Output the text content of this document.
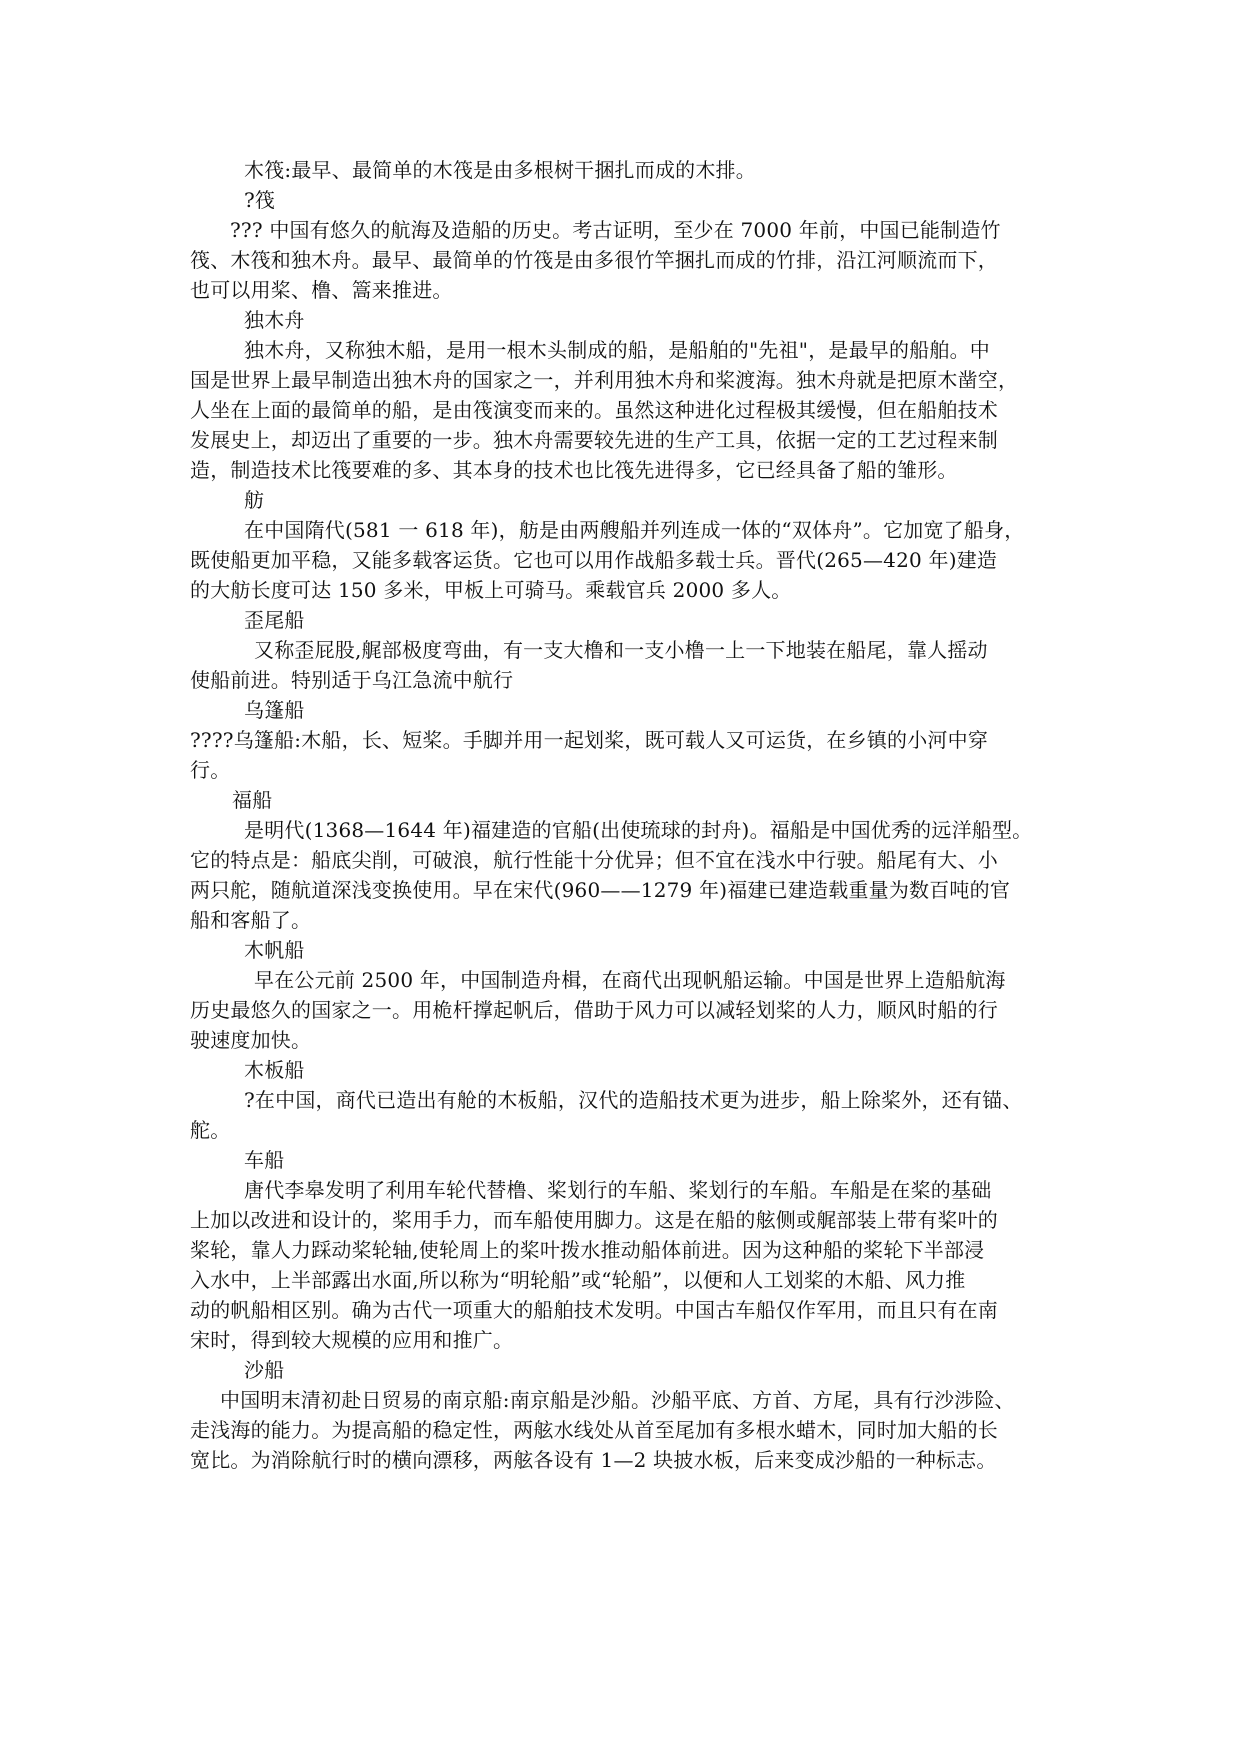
木筏:最早、最简单的木筏是由多根树干捆扎而成的木排。
?筏
??? 中国有悠久的航海及造船的历史。考古证明，至少在 7000 年前，中国已能制造竹
筏、木筏和独木舟。最早、最简单的竹筏是由多很竹竿捆扎而成的竹排，沿江河顺流而下，
也可以用桨、橹、篙来推进。
独木舟
独木舟，又称独木船，是用一根木头制成的船，是船舶的"先祖"，是最早的船舶。中
国是世界上最早制造出独木舟的国家之一，并利用独木舟和桨渡海。独木舟就是把原木凿空，
人坐在上面的最简单的船，是由筏演变而来的。虽然这种进化过程极其缓慢，但在船舶技术
发展史上，却迈出了重要的一步。独木舟需要较先进的生产工具，依据一定的工艺过程来制
造，制造技术比筏要难的多、其本身的技术也比筏先进得多，它已经具备了船的雏形。
舫
在中国隋代(581 一 618 年)，舫是由两艘船并列连成一体的“双体舟”。它加宽了船身，
既使船更加平稳，又能多载客运货。它也可以用作战船多载士兵。晋代(265—420 年)建造
的大舫长度可达 150 多米，甲板上可骑马。乘载官兵 2000 多人。
歪尾船
又称歪屁股,艉部极度弯曲，有一支大橹和一支小橹一上一下地装在船尾，靠人摇动
使船前进。特别适于乌江急流中航行
乌篷船
????乌篷船:木船，长、短桨。手脚并用一起划桨，既可载人又可运货，在乡镇的小河中穿
行。
福船
是明代(1368—1644 年)福建造的官船(出使琉球的封舟)。福船是中国优秀的远洋船型。
它的特点是：船底尖削，可破浪，航行性能十分优异；但不宜在浅水中行驶。船尾有大、小
两只舵，随航道深浅变换使用。早在宋代(960——1279 年)福建已建造载重量为数百吨的官
船和客船了。
木帆船
早在公元前 2500 年，中国制造舟楫，在商代出现帆船运输。中国是世界上造船航海
历史最悠久的国家之一。用桅杆撑起帆后，借助于风力可以减轻划桨的人力，顺风时船的行
驶速度加快。
木板船
?在中国，商代已造出有舱的木板船，汉代的造船技术更为进步，船上除桨外，还有锚、
舵。
车船
唐代李皋发明了利用车轮代替橹、桨划行的车船、桨划行的车船。车船是在桨的基础
上加以改进和设计的，桨用手力，而车船使用脚力。这是在船的舷侧或艉部装上带有桨叶的
桨轮，靠人力踩动桨轮轴,使轮周上的桨叶拨水推动船体前进。因为这种船的桨轮下半部浸
入水中，上半部露出水面,所以称为“明轮船”或“轮船”，以便和人工划桨的木船、风力推
动的帆船相区别。确为古代一项重大的船舶技术发明。中国古车船仅作军用，而且只有在南
宋时，得到较大规模的应用和推广。
沙船
中国明末清初赴日贸易的南京船:南京船是沙船。沙船平底、方首、方尾，具有行沙涉险、
走浅海的能力。为提高船的稳定性，两舷水线处从首至尾加有多根水蜡木，同时加大船的长
宽比。为消除航行时的横向漂移，两舷各设有 1—2 块披水板，后来变成沙船的一种标志。
